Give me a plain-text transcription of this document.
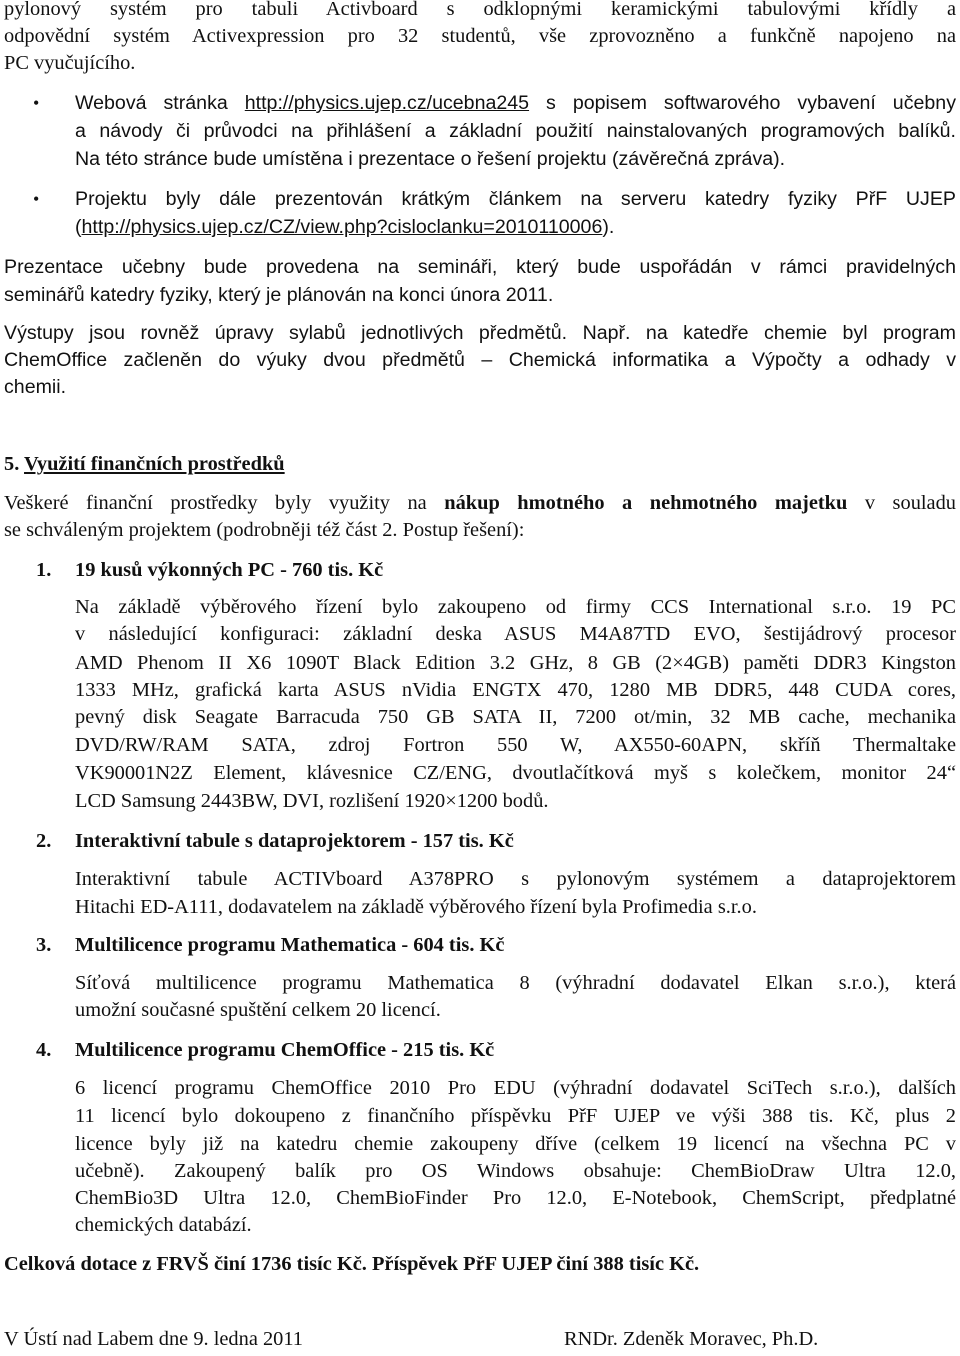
pylonový systém pro tabuli Activboard s odklopnými keramickými tabulovými křídly a
odpovědní systém Activexpression pro 32 studentů, vše zprovozněno a funkčně napojeno na
PC vyučujícího.
• Webová stránka http://physics.ujep.cz/ucebna245 s popisem softwarového vybavení učebny
a návody či průvodci na přihlášení a základní použití nainstalovaných programových balíků.
Na této stránce bude umístěna i prezentace o řešení projektu (závěrečná zpráva).
• Projektu byly dále prezentován krátkým článkem na serveru katedry fyziky PřF UJEP
(http://physics.ujep.cz/CZ/view.php?cisloclanku=2010110006).
Prezentace učebny bude provedena na semináři, který bude uspořádán v rámci pravidelných
seminářů katedry fyziky, který je plánován na konci února 2011.
Výstupy jsou rovněž úpravy sylabů jednotlivých předmětů. Např. na katedře chemie byl program
ChemOffice začleněn do výuky dvou předmětů – Chemická informatika a Výpočty a odhady v
chemii.
5. Využití finančních prostředků
Veškeré finanční prostředky byly využity na nákup hmotného a nehmotného majetku v souladu
se schváleným projektem (podrobněji též část 2. Postup řešení):
1. 19 kusů výkonných PC - 760 tis. Kč
Na základě výběrového řízení bylo zakoupeno od firmy CCS International s.r.o. 19 PC
v následující konfiguraci: základní deska ASUS M4A87TD EVO, šestijádrový procesor
AMD Phenom II X6 1090T Black Edition 3.2 GHz, 8 GB (2×4GB) paměti DDR3 Kingston
1333 MHz, grafická karta ASUS nVidia ENGTX 470, 1280 MB DDR5, 448 CUDA cores,
pevný disk Seagate Barracuda 750 GB SATA II, 7200 ot/min, 32 MB cache, mechanika
DVD/RW/RAM SATA, zdroj Fortron 550 W, AX550-60APN, skříň Thermaltake
VK90001N2Z Element, klávesnice CZ/ENG, dvoutlačítková myš s kolečkem, monitor 24“
LCD Samsung 2443BW, DVI, rozlišení 1920×1200 bodů.
2. Interaktivní tabule s dataprojektorem - 157 tis. Kč
Interaktivní tabule ACTIVboard A378PRO s pylonovým systémem a dataprojektorem
Hitachi ED-A111, dodavatelem na základě výběrového řízení byla Profimedia s.r.o.
3. Multilicence programu Mathematica - 604 tis. Kč
Síťová multilicence programu Mathematica 8 (výhradní dodavatel Elkan s.r.o.), která
umožní současné spuštění celkem 20 licencí.
4. Multilicence programu ChemOffice - 215 tis. Kč
6 licencí programu ChemOffice 2010 Pro EDU (výhradní dodavatel SciTech s.r.o.), dalších
11 licencí bylo dokoupeno z finančního příspěvku PřF UJEP ve výši 388 tis. Kč, plus 2
licence byly již na katedru chemie zakoupeny dříve (celkem 19 licencí na všechna PC v
učebně). Zakoupený balík pro OS Windows obsahuje: ChemBioDraw Ultra 12.0,
ChemBio3D Ultra 12.0, ChemBioFinder Pro 12.0, E-Notebook, ChemScript, předplatné
chemických databází.
Celková dotace z FRVŠ činí 1736 tisíc Kč. Příspěvek PřF UJEP činí 388 tisíc Kč.
V Ústí nad Labem dne 9. ledna 2011	RNDr. Zdeněk Moravec, Ph.D.
